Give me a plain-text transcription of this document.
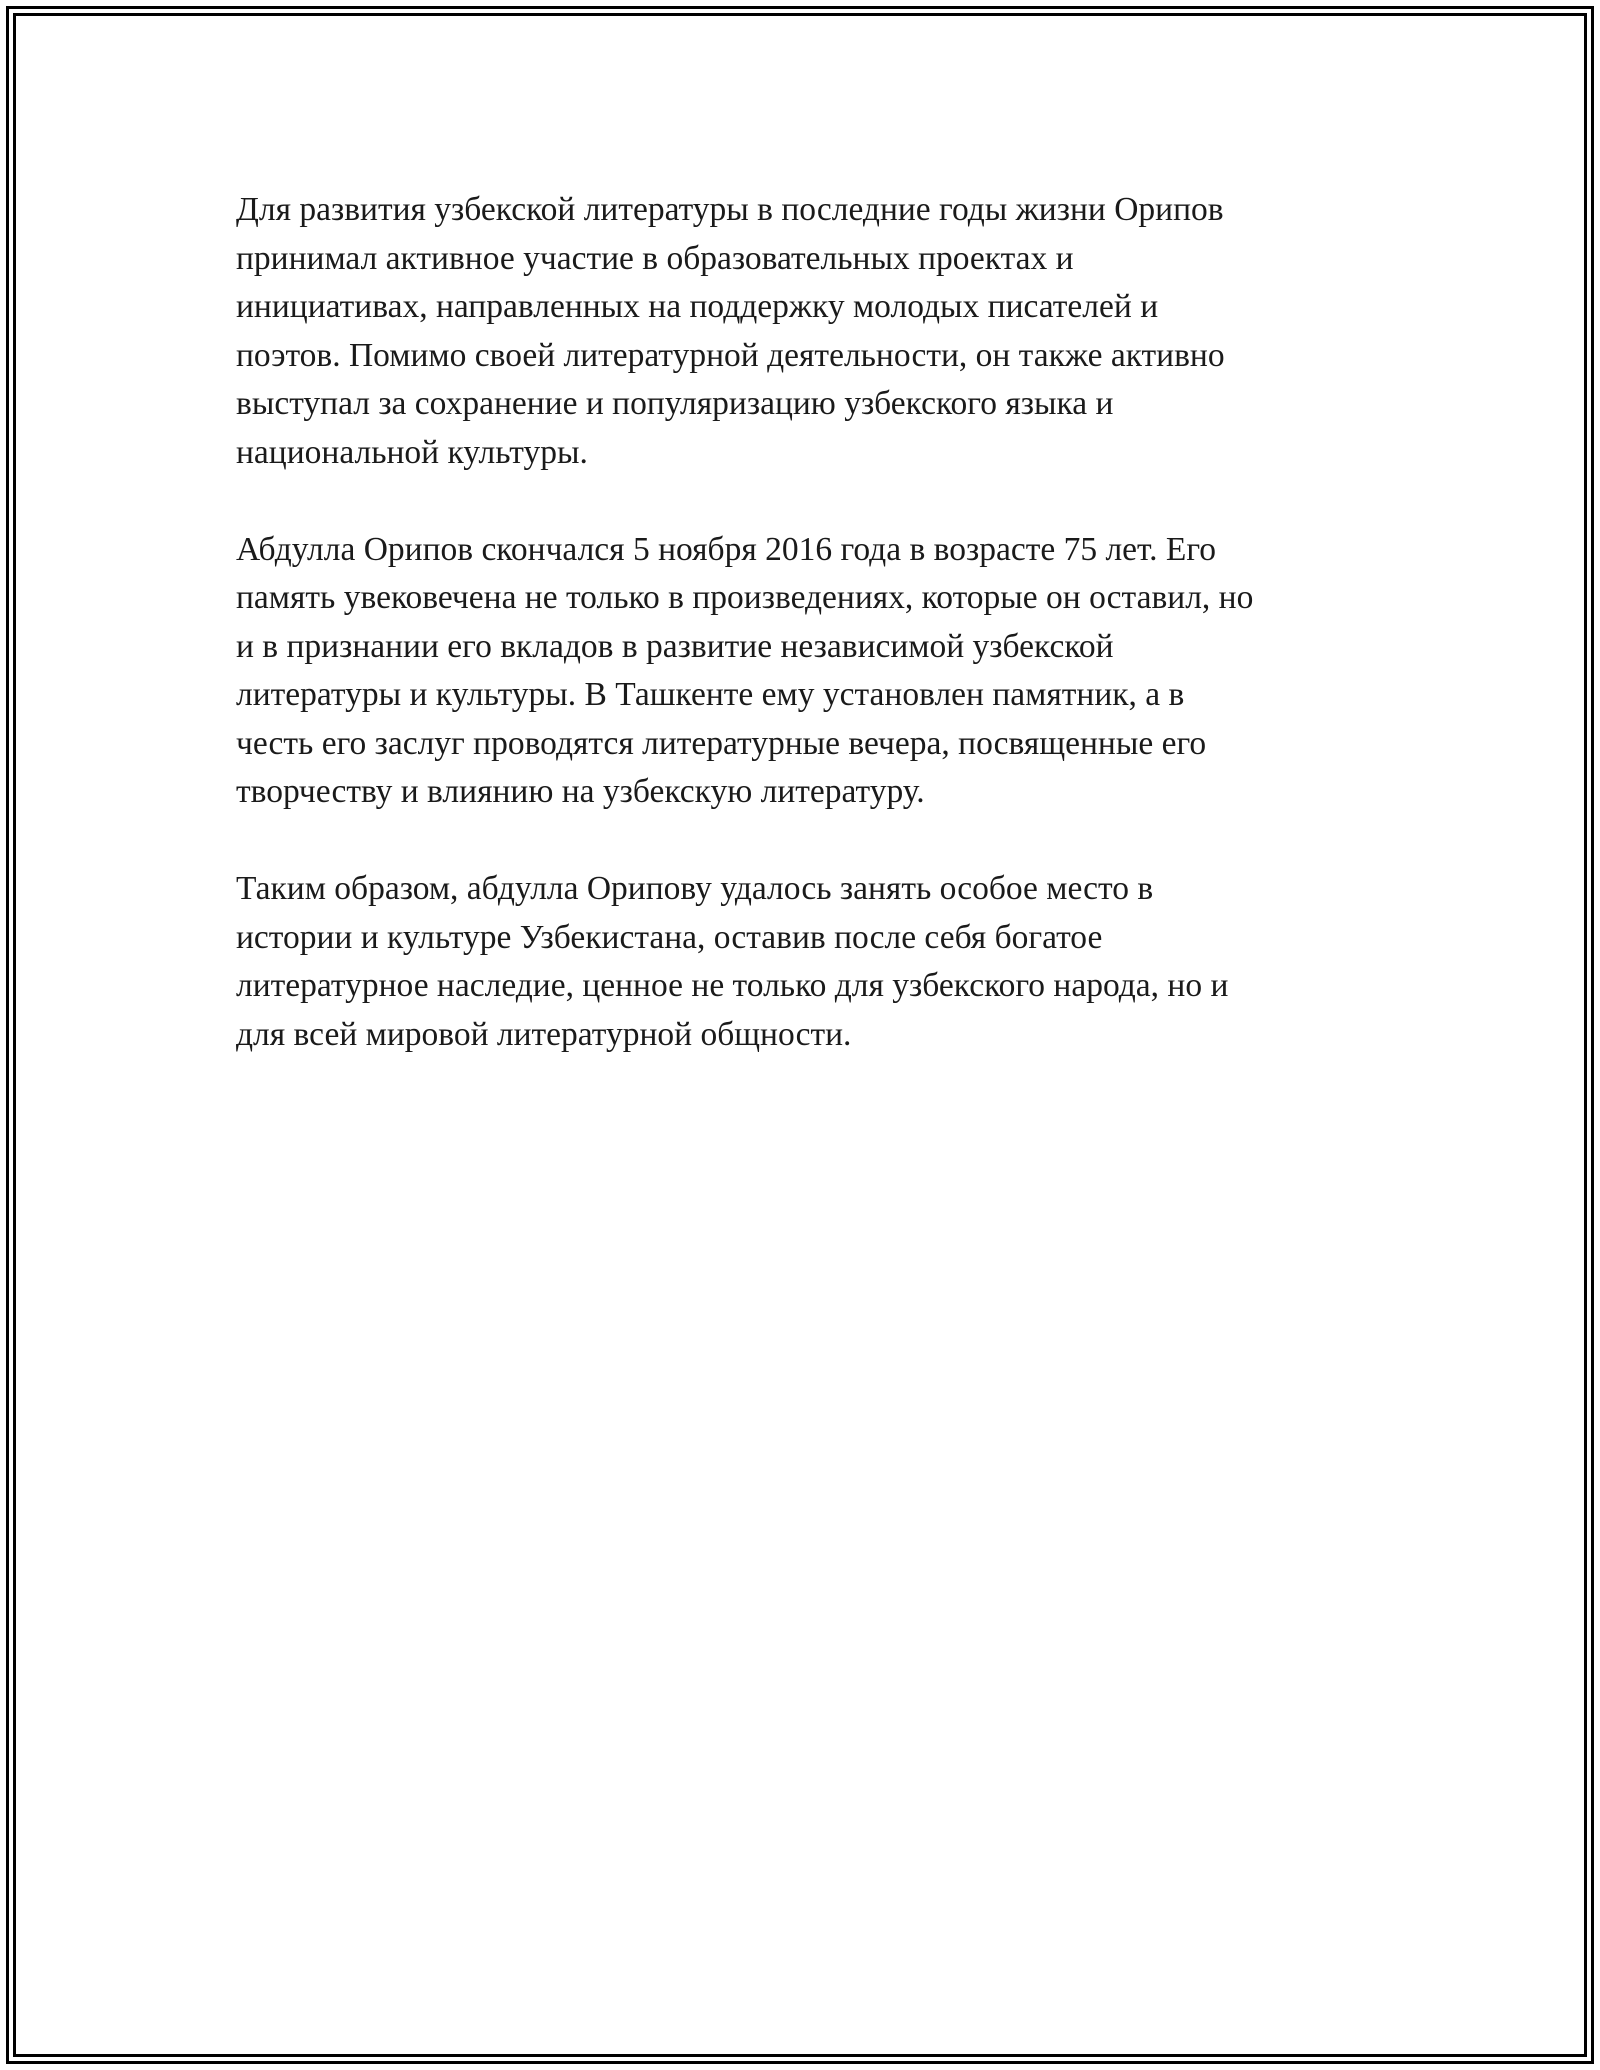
Для развития узбекской литературы в последние годы жизни Орипов
принимал активное участие в образовательных проектах и
инициативах, направленных на поддержку молодых писателей и
поэтов. Помимо своей литературной деятельности, он также активно
выступал за сохранение и популяризацию узбекского языка и
национальной культуры.

Абдулла Орипов скончался 5 ноября 2016 года в возрасте 75 лет. Его
память увековечена не только в произведениях, которые он оставил, но
и в признании его вкладов в развитие независимой узбекской
литературы и культуры. В Ташкенте ему установлен памятник, а в
честь его заслуг проводятся литературные вечера, посвященные его
творчеству и влиянию на узбекскую литературу.

Таким образом, абдулла Орипову удалось занять особое место в
истории и культуре Узбекистана, оставив после себя богатое
литературное наследие, ценное не только для узбекского народа, но и
для всей мировой литературной общности.
